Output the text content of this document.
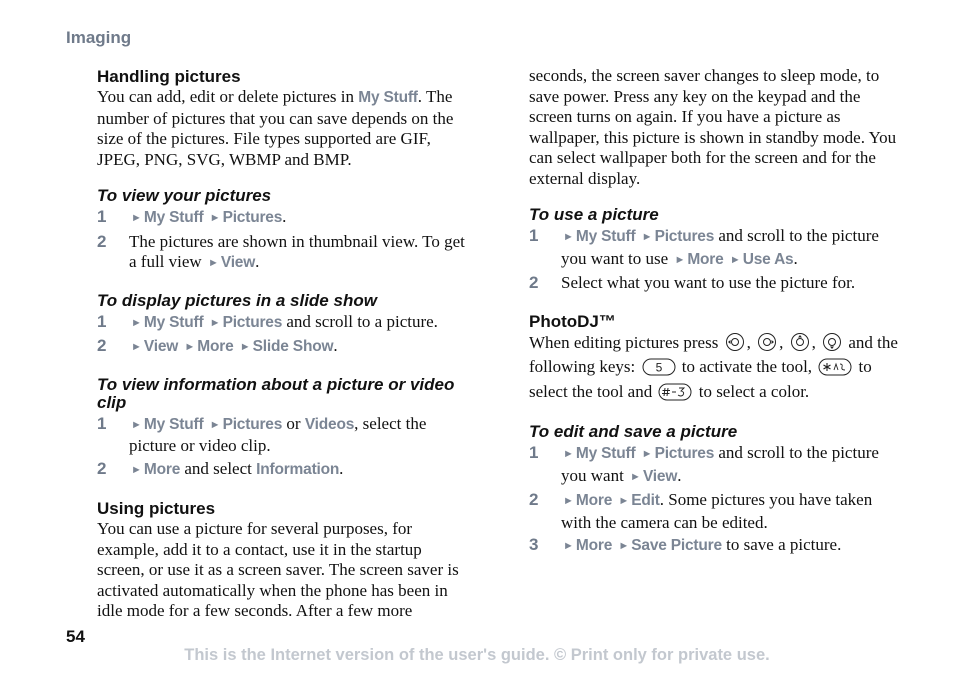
Imaging
Handling pictures

You can add, edit or delete pictures in My Stuff. The number of pictures that you can save depends on the size of the pictures. File types supported are GIF, JPEG, PNG, SVG, WBMP and BMP.

To view your pictures
1 ► My Stuff ► Pictures.
2 The pictures are shown in thumbnail view. To get a full view ► View.
To display pictures in a slide show
1 ► My Stuff ► Pictures and scroll to a picture.
2 ► View ► More ► Slide Show.
To view information about a picture or video clip
1 ► My Stuff ► Pictures or Videos, select the picture or video clip.
2 ► More and select Information.
Using pictures

You can use a picture for several purposes, for example, add it to a contact, use it in the startup screen, or use it as a screen saver. The screen saver is activated automatically when the phone has been in idle mode for a few seconds. After a few more

seconds, the screen saver changes to sleep mode, to save power. Press any key on the keypad and the screen turns on again. If you have a picture as wallpaper, this picture is shown in standby mode. You can select wallpaper both for the screen and for the external display.

To use a picture
1 ► My Stuff ► Pictures and scroll to the picture you want to use ► More ► Use As.
2 Select what you want to use the picture for.
PhotoDJ™

When editing pictures press , , ,  and the following keys: 5 to activate the tool,  to select the tool and  to select a color.

To edit and save a picture
1 ► My Stuff ► Pictures and scroll to the picture you want ► View.
2 ► More ► Edit. Some pictures you have taken with the camera can be edited.
3 ► More ► Save Picture to save a picture.
54
This is the Internet version of the user's guide. © Print only for private use.
